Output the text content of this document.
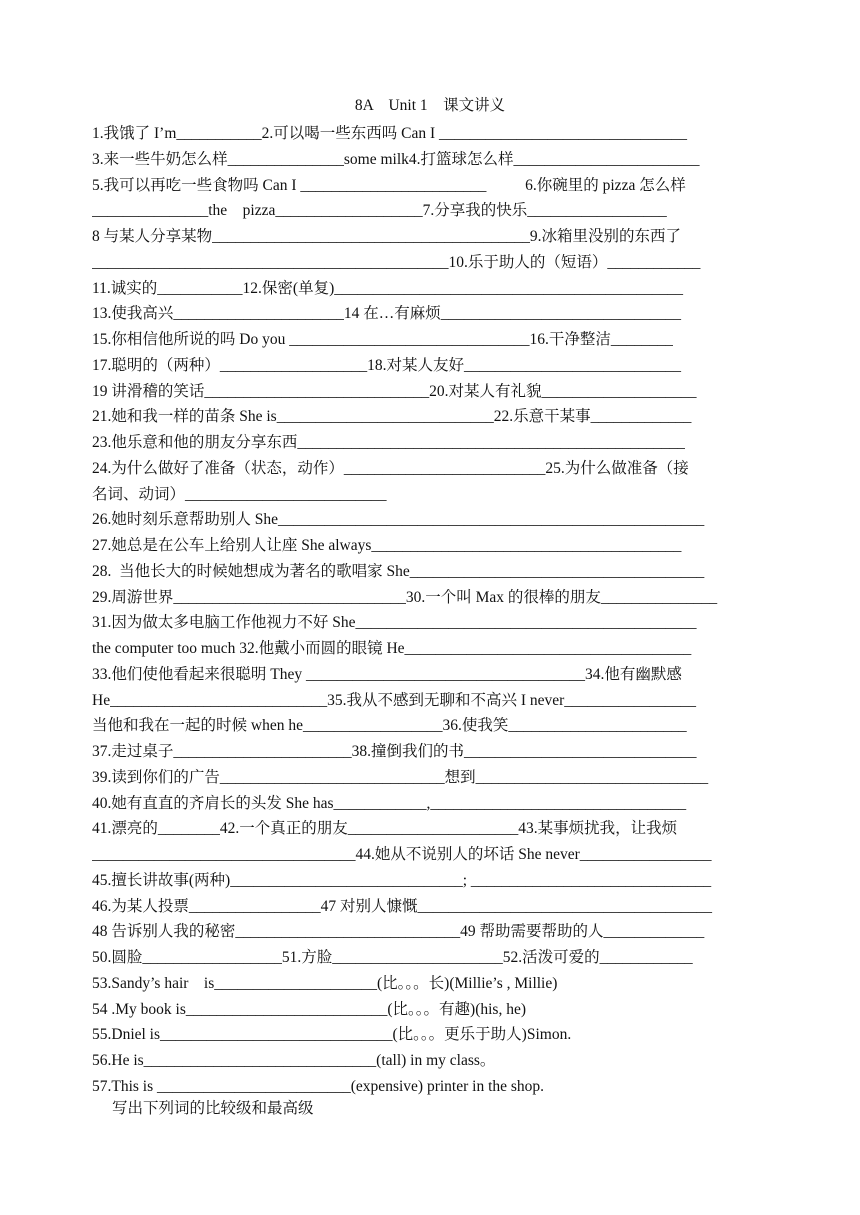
8A    Unit 1    课文讲义
1.我饿了 I’m___________2.可以喝一些东西吗 Can I ________________________________
3.来一些牛奶怎么样_______________some milk4.打篮球怎么样________________________
5.我可以再吃一些食物吗 Can I ________________________          6.你碗里的 pizza 怎么样
_______________the    pizza___________________7.分享我的快乐__________________
8 与某人分享某物_________________________________________9.冰箱里没别的东西了
______________________________________________10.乐于助人的（短语）____________
11.诚实的___________12.保密(单复)_____________________________________________
13.使我高兴______________________14 在…有麻烦_______________________________
15.你相信他所说的吗 Do you _______________________________16.干净整洁________
17.聪明的（两种）___________________18.对某人友好____________________________
19 讲滑稽的笑话_____________________________20.对某人有礼貌____________________
21.她和我一样的苗条 She is____________________________22.乐意干某事_____________
23.他乐意和他的朋友分享东西__________________________________________________
24.为什么做好了准备（状态，动作）__________________________25.为什么做准备（接
名词、动词）__________________________
26.她时刻乐意帮助别人 She_______________________________________________________
27.她总是在公车上给别人让座 She always________________________________________
28.  当他长大的时候她想成为著名的歌唱家 She______________________________________
29.周游世界______________________________30.一个叫 Max 的很棒的朋友_______________
31.因为做太多电脑工作他视力不好 She____________________________________________
the computer too much 32.他戴小而圆的眼镜 He_____________________________________
33.他们使他看起来很聪明 They ____________________________________34.他有幽默感
He____________________________35.我从不感到无聊和不高兴 I never_________________
当他和我在一起的时候 when he__________________36.使我笑_______________________
37.走过桌子_______________________38.撞倒我们的书______________________________
39.读到你们的广告_____________________________想到______________________________
40.她有直直的齐肩长的头发 She has____________,_________________________________
41.漂亮的________42.一个真正的朋友______________________43.某事烦扰我，让我烦
__________________________________44.她从不说别人的坏话 She never_________________
45.擅长讲故事(两种)______________________________; _______________________________
46.为某人投票_________________47 对别人慷慨______________________________________
48 告诉别人我的秘密_____________________________49 帮助需要帮助的人_____________
50.圆脸__________________51.方脸______________________52.活泼可爱的____________
53.Sandy’s hair    is_____________________(比。。。长)(Millie’s , Millie)
54 .My book is__________________________(比。。。有趣)(his, he)
55.Dniel is______________________________(比。。。更乐于助人)Simon.
56.He is______________________________(tall) in my class。
57.This is _________________________(expensive) printer in the shop.
写出下列词的比较级和最高级
